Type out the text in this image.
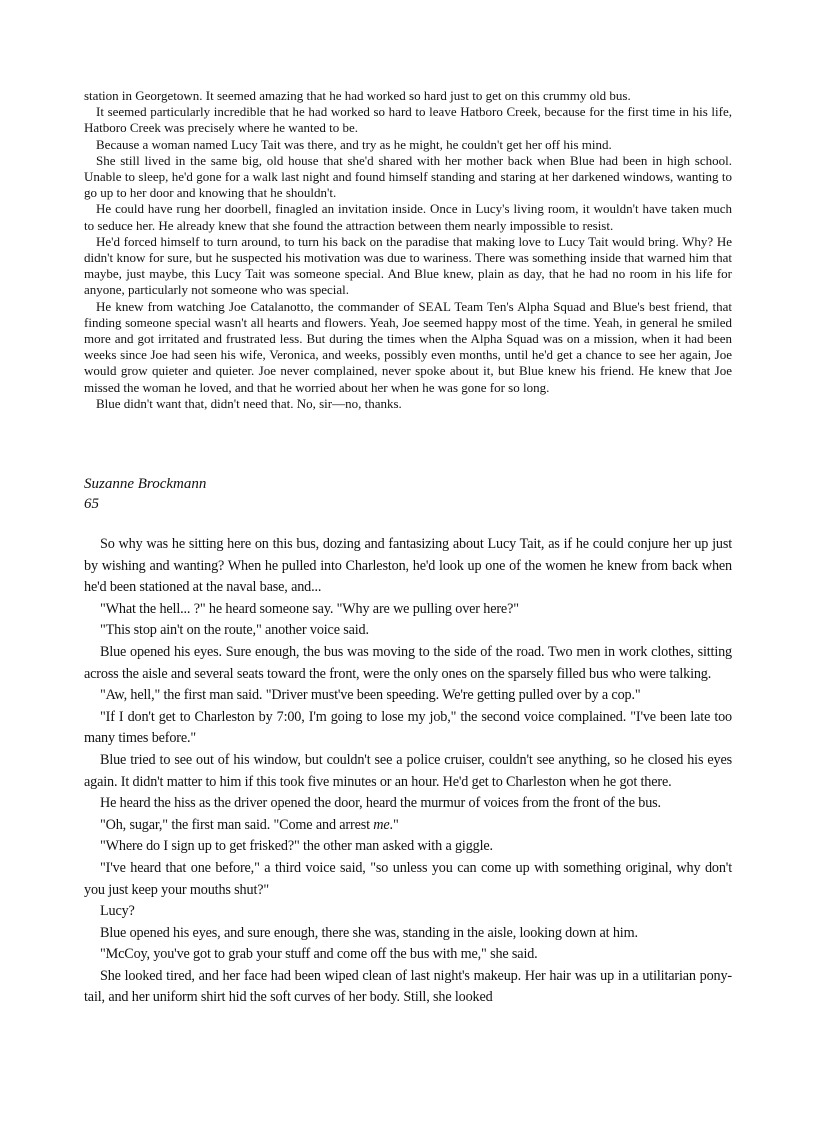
station in Georgetown. It seemed amazing that he had worked so hard just to get on this crummy old bus.

It seemed particularly incredible that he had worked so hard to leave Hatboro Creek, because for the first time in his life, Hatboro Creek was precisely where he wanted to be.

Because a woman named Lucy Tait was there, and try as he might, he couldn't get her off his mind.

She still lived in the same big, old house that she'd shared with her mother back when Blue had been in high school. Unable to sleep, he'd gone for a walk last night and found himself standing and staring at her darkened windows, wanting to go up to her door and knowing that he shouldn't.

He could have rung her doorbell, finagled an invitation inside. Once in Lucy's living room, it wouldn't have taken much to seduce her. He already knew that she found the attraction between them nearly impossible to resist.

He'd forced himself to turn around, to turn his back on the paradise that making love to Lucy Tait would bring. Why? He didn't know for sure, but he suspected his motivation was due to wariness. There was something inside that warned him that maybe, just maybe, this Lucy Tait was someone special. And Blue knew, plain as day, that he had no room in his life for anyone, particularly not someone who was special.

He knew from watching Joe Catalanotto, the commander of SEAL Team Ten's Alpha Squad and Blue's best friend, that finding someone special wasn't all hearts and flowers. Yeah, Joe seemed happy most of the time. Yeah, in general he smiled more and got irritated and frustrated less. But during the times when the Alpha Squad was on a mission, when it had been weeks since Joe had seen his wife, Veronica, and weeks, possibly even months, until he'd get a chance to see her again, Joe would grow quieter and quieter. Joe never complained, never spoke about it, but Blue knew his friend. He knew that Joe missed the woman he loved, and that he worried about her when he was gone for so long.

Blue didn't want that, didn't need that. No, sir—no, thanks.

Suzanne Brockmann
65

So why was he sitting here on this bus, dozing and fantasizing about Lucy Tait, as if he could conjure her up just by wishing and wanting? When he pulled into Charleston, he'd look up one of the women he knew from back when he'd been stationed at the naval base, and...

"What the hell... ?" he heard someone say. "Why are we pulling over here?"

"This stop ain't on the route," another voice said.

Blue opened his eyes. Sure enough, the bus was moving to the side of the road. Two men in work clothes, sitting across the aisle and several seats toward the front, were the only ones on the sparsely filled bus who were talking.

"Aw, hell," the first man said. "Driver must've been speeding. We're getting pulled over by a cop."

"If I don't get to Charleston by 7:00, I'm going to lose my job," the second voice complained. "I've been late too many times before."

Blue tried to see out of his window, but couldn't see a police cruiser, couldn't see anything, so he closed his eyes again. It didn't matter to him if this took five minutes or an hour. He'd get to Charleston when he got there.

He heard the hiss as the driver opened the door, heard the murmur of voices from the front of the bus.

"Oh, sugar," the first man said. "Come and arrest me."

"Where do I sign up to get frisked?" the other man asked with a giggle.

"I've heard that one before," a third voice said, "so unless you can come up with something original, why don't you just keep your mouths shut?"

Lucy?

Blue opened his eyes, and sure enough, there she was, standing in the aisle, looking down at him.

"McCoy, you've got to grab your stuff and come off the bus with me," she said.

She looked tired, and her face had been wiped clean of last night's makeup. Her hair was up in a utilitarian pony-tail, and her uniform shirt hid the soft curves of her body. Still, she looked
